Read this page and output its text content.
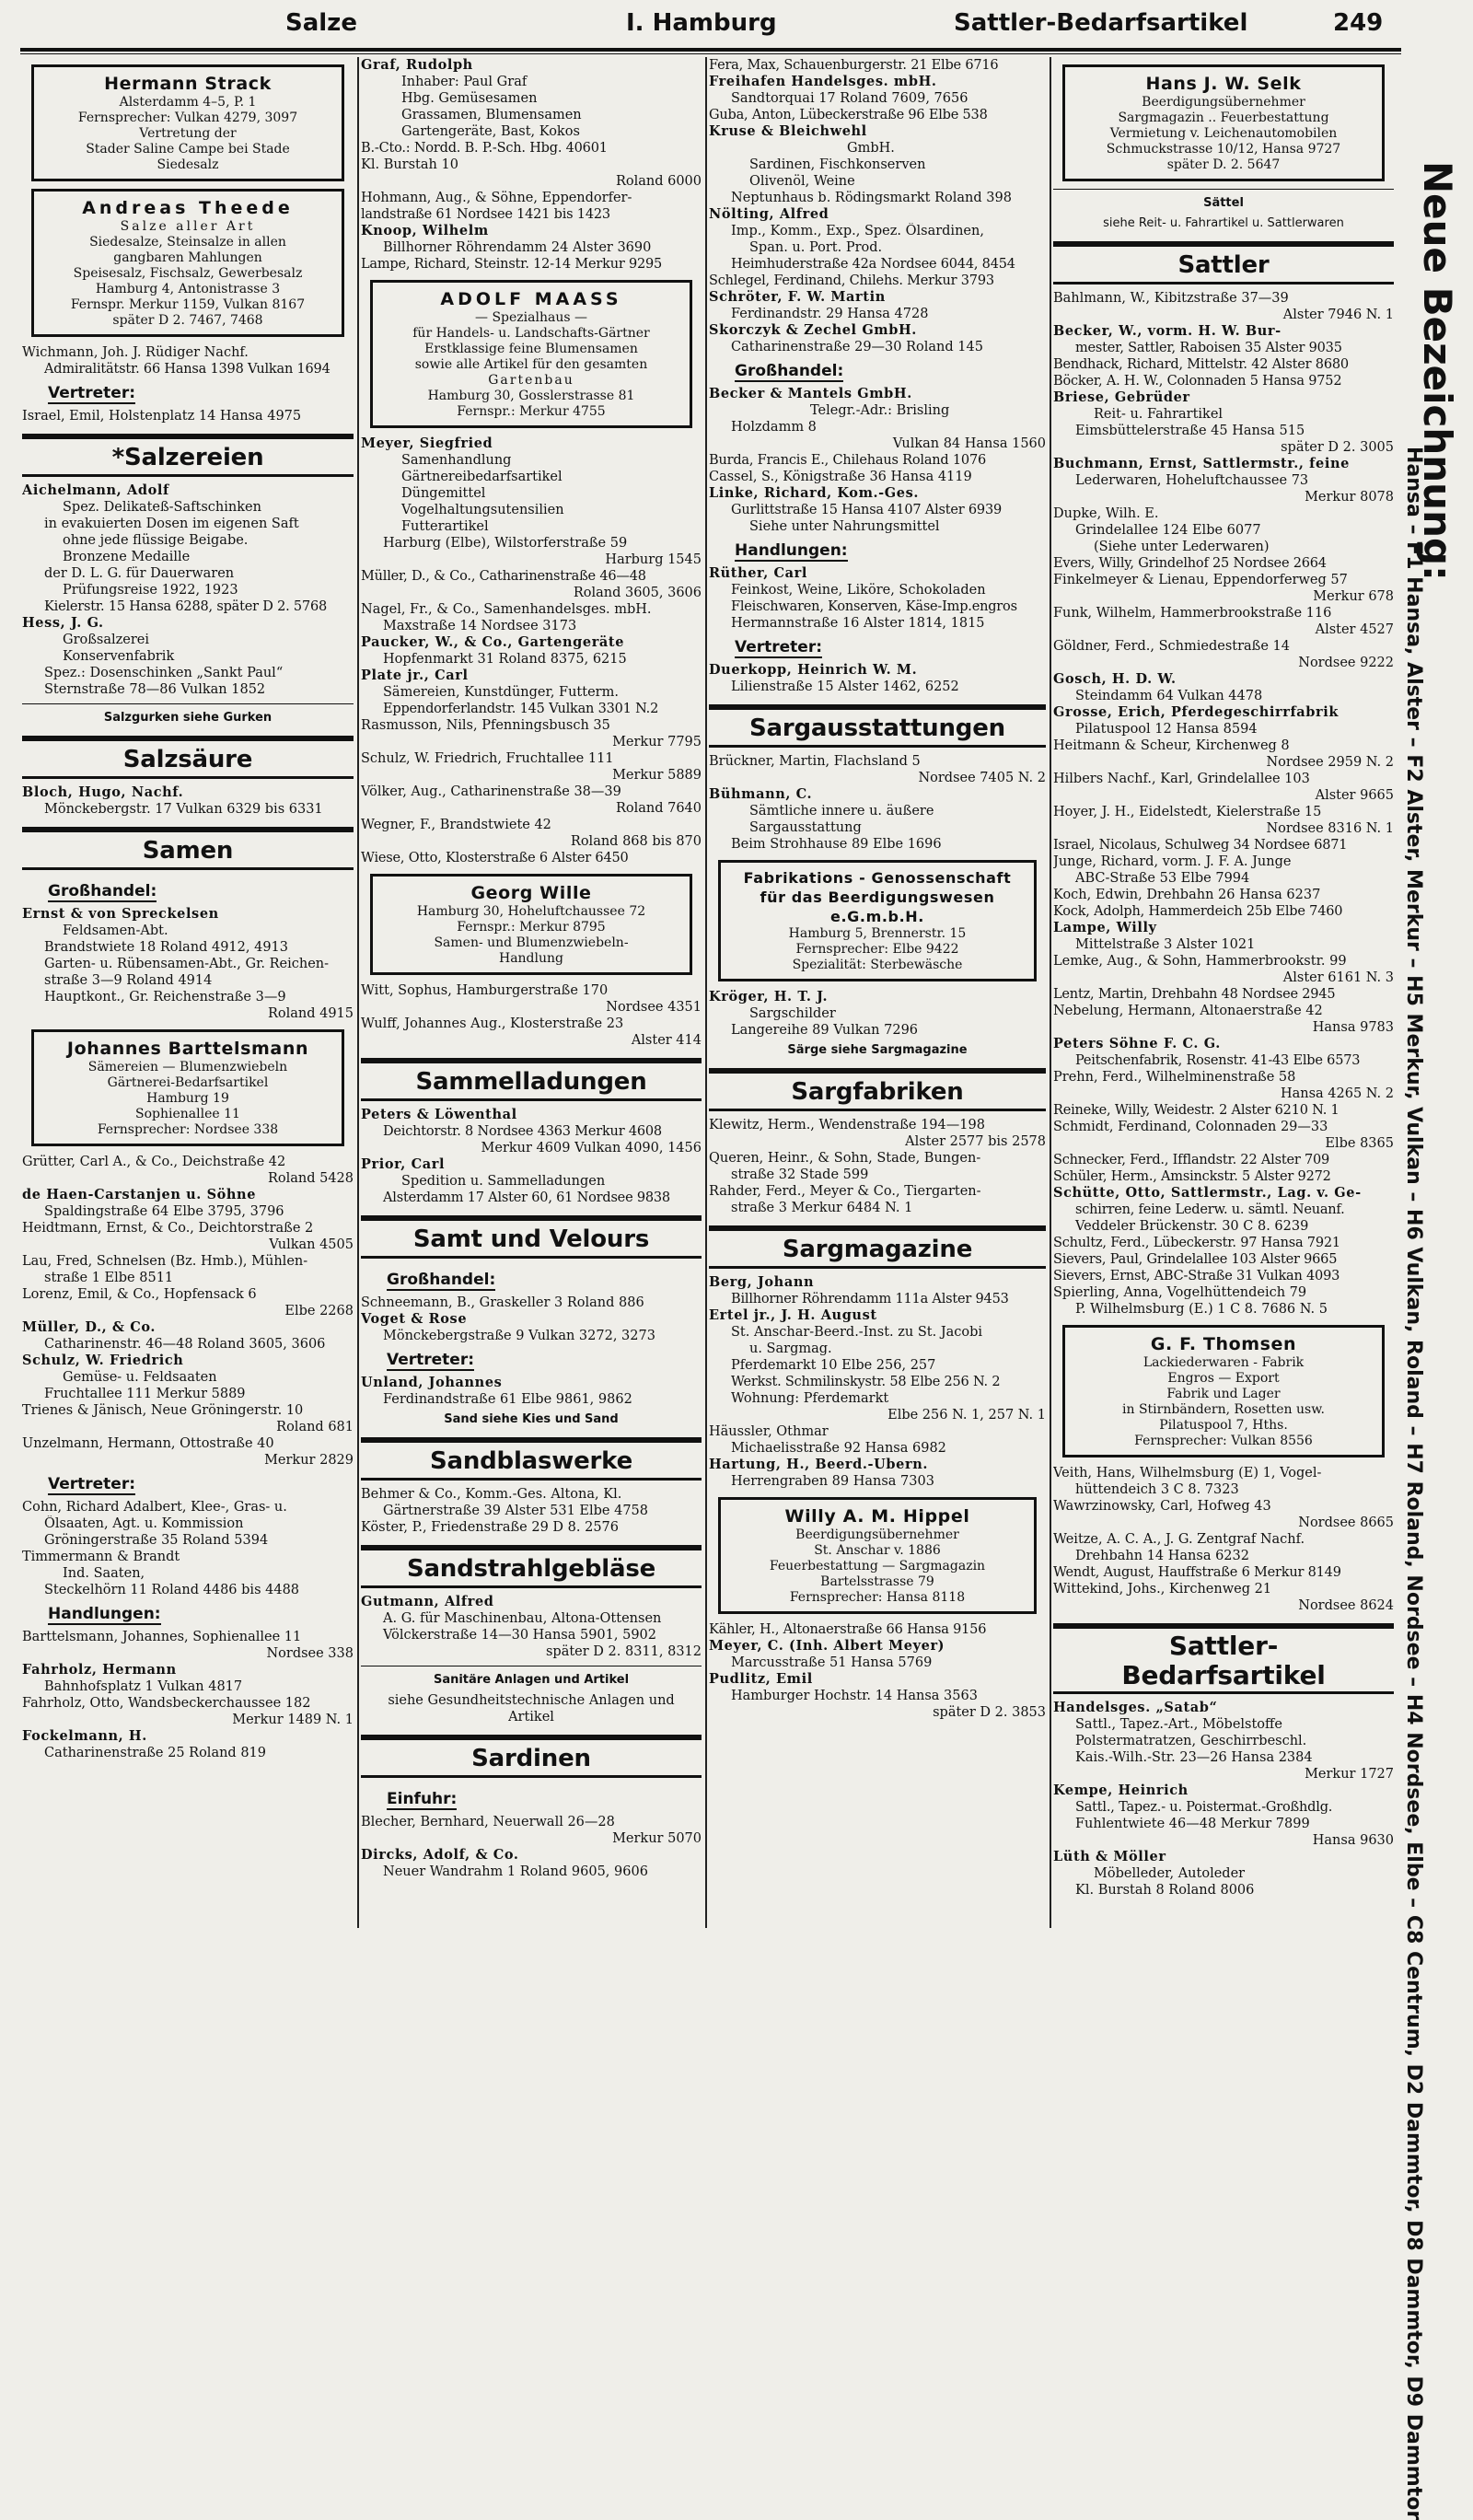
Salze	I. Hamburg	Sattler-Bedarfsartikel	249
Hermann Strack
Alsterdamm 4–5, P. 1
Fernsprecher: Vulkan 4279, 3097
Vertretung der
Stader Saline Campe bei Stade
Siedesalz
Andreas Theede
Salze aller Art
Siedesalze, Steinsalze in allen
gangbaren Mahlungen
Speisesalz, Fischsalz, Gewerbesalz
Hamburg 4, Antonistrasse 3
Fernspr. Merkur 1159, Vulkan 8167
später D 2. 7467, 7468
Wichmann, Joh. J. Rüdiger Nachf.
Admiralitätstr. 66 Hansa 1398 Vulkan 1694
Vertreter:
Israel, Emil, Holstenplatz 14 Hansa 4975
*Salzereien
Aichelmann, Adolf
Spez. Delikateß-Saftschinken
in evakuierten Dosen im eigenen Saft
ohne jede flüssige Beigabe.
Bronzene Medaille
der D. L. G. für Dauerwaren
Prüfungsreise 1922, 1923
Kielerstr. 15 Hansa 6288, später D 2. 5768
Hess, J. G.
Großsalzerei
Konservenfabrik
Spez.: Dosenschinken „Sankt Paul“
Sternstraße 78—86 Vulkan 1852
Salzgurken siehe Gurken
Salzsäure
Bloch, Hugo, Nachf.
Mönckebergstr. 17 Vulkan 6329 bis 6331
Samen
Großhandel:
Ernst & von Spreckelsen
Feldsamen-Abt.
Brandstwiete 18 Roland 4912, 4913
Garten- u. Rübensamen-Abt., Gr. Reichen-
straße 3—9 Roland 4914
Hauptkont., Gr. Reichenstraße 3—9
Roland 4915
Johannes Barttelsmann
Sämereien — Blumenzwiebeln
Gärtnerei-Bedarfsartikel
Hamburg 19
Sophienallee 11
Fernsprecher: Nordsee 338
Grütter, Carl A., & Co., Deichstraße 42
Roland 5428
de Haen-Carstanjen u. Söhne
Spaldingstraße 64 Elbe 3795, 3796
Heidtmann, Ernst, & Co., Deichtorstraße 2
Vulkan 4505
Lau, Fred, Schnelsen (Bz. Hmb.), Mühlen-
straße 1 Elbe 8511
Lorenz, Emil, & Co., Hopfensack 6
Elbe 2268
Müller, D., & Co.
Catharinenstr. 46—48 Roland 3605, 3606
Schulz, W. Friedrich
Gemüse- u. Feldsaaten
Fruchtallee 111 Merkur 5889
Trienes & Jänisch, Neue Gröningerstr. 10
Roland 681
Unzelmann, Hermann, Ottostraße 40
Merkur 2829
Vertreter:
Cohn, Richard Adalbert, Klee-, Gras- u.
Ölsaaten, Agt. u. Kommission
Gröningerstraße 35 Roland 5394
Timmermann & Brandt
Ind. Saaten,
Steckelhörn 11 Roland 4486 bis 4488
Handlungen:
Barttelsmann, Johannes, Sophienallee 11
Nordsee 338
Fahrholz, Hermann
Bahnhofsplatz 1 Vulkan 4817
Fahrholz, Otto, Wandsbeckerchaussee 182
Merkur 1489 N. 1
Fockelmann, H.
Catharinenstraße 25 Roland 819
Graf, Rudolph
Inhaber: Paul Graf
Hbg. Gemüsesamen
Grassamen, Blumensamen
Gartengeräte, Bast, Kokos
B.-Cto.: Nordd. B. P.-Sch. Hbg. 40601
Kl. Burstah 10
Roland 6000
Hohmann, Aug., & Söhne, Eppendorfer-
landstraße 61 Nordsee 1421 bis 1423
Knoop, Wilhelm
Billhorner Röhrendamm 24 Alster 3690
Lampe, Richard, Steinstr. 12-14 Merkur 9295
ADOLF MAASS
— Spezialhaus —
für Handels- u. Landschafts-Gärtner
Erstklassige feine Blumensamen
sowie alle Artikel für den gesamten
Gartenbau
Hamburg 30, Gosslerstrasse 81
Fernspr.: Merkur 4755
Meyer, Siegfried
Samenhandlung
Gärtnereibedarfsartikel
Düngemittel
Vogelhaltungsutensilien
Futterartikel
Harburg (Elbe), Wilstorferstraße 59
Harburg 1545
Müller, D., & Co., Catharinenstraße 46—48
Roland 3605, 3606
Nagel, Fr., & Co., Samenhandelsges. mbH.
Maxstraße 14 Nordsee 3173
Paucker, W., & Co., Gartengeräte
Hopfenmarkt 31 Roland 8375, 6215
Plate jr., Carl
Sämereien, Kunstdünger, Futterm.
Eppendorferlandstr. 145 Vulkan 3301 N.2
Rasmusson, Nils, Pfenningsbusch 35
Merkur 7795
Schulz, W. Friedrich, Fruchtallee 111
Merkur 5889
Völker, Aug., Catharinenstraße 38—39
Roland 7640
Wegner, F., Brandstwiete 42
Roland 868 bis 870
Wiese, Otto, Klosterstraße 6 Alster 6450
Georg Wille
Hamburg 30, Hoheluftchaussee 72
Fernspr.: Merkur 8795
Samen- und Blumenzwiebeln-
Handlung
Witt, Sophus, Hamburgerstraße 170
Nordsee 4351
Wulff, Johannes Aug., Klosterstraße 23
Alster 414
Sammelladungen
Peters & Löwenthal
Deichtorstr. 8 Nordsee 4363 Merkur 4608
Merkur 4609 Vulkan 4090, 1456
Prior, Carl
Spedition u. Sammelladungen
Alsterdamm 17 Alster 60, 61 Nordsee 9838
Samt und Velours
Großhandel:
Schneemann, B., Graskeller 3 Roland 886
Voget & Rose
Mönckebergstraße 9 Vulkan 3272, 3273
Vertreter:
Unland, Johannes
Ferdinandstraße 61 Elbe 9861, 9862
Sand siehe Kies und Sand
Sandblaswerke
Behmer & Co., Komm.-Ges. Altona, Kl.
Gärtnerstraße 39 Alster 531 Elbe 4758
Köster, P., Friedenstraße 29 D 8. 2576
Sandstrahlgebläse
Gutmann, Alfred
A. G. für Maschinenbau, Altona-Ottensen
Völckerstraße 14—30 Hansa 5901, 5902
später D 2. 8311, 8312
Sanitäre Anlagen und Artikel
siehe Gesundheitstechnische Anlagen und
Artikel
Sardinen
Einfuhr:
Blecher, Bernhard, Neuerwall 26—28
Merkur 5070
Dircks, Adolf, & Co.
Neuer Wandrahm 1 Roland 9605, 9606
Fera, Max, Schauenburgerstr. 21 Elbe 6716
Freihafen Handelsges. mbH.
Sandtorquai 17 Roland 7609, 7656
Guba, Anton, Lübeckerstraße 96 Elbe 538
Kruse & Bleichwehl
GmbH.
Sardinen, Fischkonserven
Olivenöl, Weine
Neptunhaus b. Rödingsmarkt Roland 398
Nölting, Alfred
Imp., Komm., Exp., Spez. Ölsardinen,
Span. u. Port. Prod.
Heimhuderstraße 42a Nordsee 6044, 8454
Schlegel, Ferdinand, Chilehs. Merkur 3793
Schröter, F. W. Martin
Ferdinandstr. 29 Hansa 4728
Skorczyk & Zechel GmbH.
Catharinenstraße 29—30 Roland 145
Großhandel:
Becker & Mantels GmbH.
Telegr.-Adr.: Brisling
Holzdamm 8
Vulkan 84 Hansa 1560
Burda, Francis E., Chilehaus Roland 1076
Cassel, S., Königstraße 36 Hansa 4119
Linke, Richard, Kom.-Ges.
Gurlittstraße 15 Hansa 4107 Alster 6939
Siehe unter Nahrungsmittel
Handlungen:
Rüther, Carl
Feinkost, Weine, Liköre, Schokoladen
Fleischwaren, Konserven, Käse-Imp.engros
Hermannstraße 16 Alster 1814, 1815
Vertreter:
Duerkopp, Heinrich W. M.
Lilienstraße 15 Alster 1462, 6252
Sargausstattungen
Brückner, Martin, Flachsland 5
Nordsee 7405 N. 2
Bühmann, C.
Sämtliche innere u. äußere
Sargausstattung
Beim Strohhause 89 Elbe 1696
Fabrikations - Genossenschaft für das Beerdigungswesen e.G.m.b.H.
Hamburg 5, Brennerstr. 15
Fernsprecher: Elbe 9422
Spezialität: Sterbewäsche
Kröger, H. T. J.
Sargschilder
Langereihe 89 Vulkan 7296
Särge siehe Sargmagazine
Sargfabriken
Klewitz, Herm., Wendenstraße 194—198
Alster 2577 bis 2578
Queren, Heinr., & Sohn, Stade, Bungen-
straße 32 Stade 599
Rahder, Ferd., Meyer & Co., Tiergarten-
straße 3 Merkur 6484 N. 1
Sargmagazine
Berg, Johann
Billhorner Röhrendamm 111a Alster 9453
Ertel jr., J. H. August
St. Anschar-Beerd.-Inst. zu St. Jacobi
u. Sargmag.
Pferdemarkt 10 Elbe 256, 257
Werkst. Schmilinskystr. 58 Elbe 256 N. 2
Wohnung: Pferdemarkt
Elbe 256 N. 1, 257 N. 1
Häussler, Othmar
Michaelisstraße 92 Hansa 6982
Hartung, H., Beerd.-Ubern.
Herrengraben 89 Hansa 7303
Willy A. M. Hippel
Beerdigungsübernehmer
St. Anschar v. 1886
Feuerbestattung — Sargmagazin
Bartelsstrasse 79
Fernsprecher: Hansa 8118
Kähler, H., Altonaerstraße 66 Hansa 9156
Meyer, C. (Inh. Albert Meyer)
Marcusstraße 51 Hansa 5769
Pudlitz, Emil
Hamburger Hochstr. 14 Hansa 3563
später D 2. 3853
Hans J. W. Selk
Beerdigungsübernehmer
Sargmagazin .. Feuerbestattung
Vermietung v. Leichenautomobilen
Schmuckstrasse 10/12, Hansa 9727
später D. 2. 5647
Sättel
siehe Reit- u. Fahrartikel u. Sattlerwaren
Sattler
Bahlmann, W., Kibitzstraße 37—39
Alster 7946 N. 1
Becker, W., vorm. H. W. Bur-
mester, Sattler, Raboisen 35 Alster 9035
Bendhack, Richard, Mittelstr. 42 Alster 8680
Böcker, A. H. W., Colonnaden 5 Hansa 9752
Briese, Gebrüder
Reit- u. Fahrartikel
Eimsbüttelerstraße 45 Hansa 515
später D 2. 3005
Buchmann, Ernst, Sattlermstr., feine
Lederwaren, Hoheluftchaussee 73
Merkur 8078
Dupke, Wilh. E.
Grindelallee 124 Elbe 6077
(Siehe unter Lederwaren)
Evers, Willy, Grindelhof 25 Nordsee 2664
Finkelmeyer & Lienau, Eppendorferweg 57
Merkur 678
Funk, Wilhelm, Hammerbrookstraße 116
Alster 4527
Göldner, Ferd., Schmiedestraße 14
Nordsee 9222
Gosch, H. D. W.
Steindamm 64 Vulkan 4478
Grosse, Erich, Pferdegeschirrfabrik
Pilatuspool 12 Hansa 8594
Heitmann & Scheur, Kirchenweg 8
Nordsee 2959 N. 2
Hilbers Nachf., Karl, Grindelallee 103
Alster 9665
Hoyer, J. H., Eidelstedt, Kielerstraße 15
Nordsee 8316 N. 1
Israel, Nicolaus, Schulweg 34 Nordsee 6871
Junge, Richard, vorm. J. F. A. Junge
ABC-Straße 53 Elbe 7994
Koch, Edwin, Drehbahn 26 Hansa 6237
Kock, Adolph, Hammerdeich 25b Elbe 7460
Lampe, Willy
Mittelstraße 3 Alster 1021
Lemke, Aug., & Sohn, Hammerbrookstr. 99
Alster 6161 N. 3
Lentz, Martin, Drehbahn 48 Nordsee 2945
Nebelung, Hermann, Altonaerstraße 42
Hansa 9783
Peters Söhne F. C. G.
Peitschenfabrik, Rosenstr. 41-43 Elbe 6573
Prehn, Ferd., Wilhelminenstraße 58
Hansa 4265 N. 2
Reineke, Willy, Weidestr. 2 Alster 6210 N. 1
Schmidt, Ferdinand, Colonnaden 29—33
Elbe 8365
Schnecker, Ferd., Ifflandstr. 22 Alster 709
Schüler, Herm., Amsinckstr. 5 Alster 9272
Schütte, Otto, Sattlermstr., Lag. v. Ge-
schirren, feine Lederw. u. sämtl. Neuanf.
Veddeler Brückenstr. 30 C 8. 6239
Schultz, Ferd., Lübeckerstr. 97 Hansa 7921
Sievers, Paul, Grindelallee 103 Alster 9665
Sievers, Ernst, ABC-Straße 31 Vulkan 4093
Spierling, Anna, Vogelhüttendeich 79
P. Wilhelmsburg (E.) 1 C 8. 7686 N. 5
G. F. Thomsen
Lackiederwaren - Fabrik
Engros — Export
Fabrik und Lager
in Stirnbändern, Rosetten usw.
Pilatuspool 7, Hths.
Fernsprecher: Vulkan 8556
Veith, Hans, Wilhelmsburg (E) 1, Vogel-
hüttendeich 3 C 8. 7323
Wawrzinowsky, Carl, Hofweg 43
Nordsee 8665
Weitze, A. C. A., J. G. Zentgraf Nachf.
Drehbahn 14 Hansa 6232
Wendt, August, Hauffstraße 6 Merkur 8149
Wittekind, Johs., Kirchenweg 21
Nordsee 8624
Sattler-
Bedarfsartikel
Handelsges. „Satab“
Sattl., Tapez.-Art., Möbelstoffe
Polstermatratzen, Geschirrbeschl.
Kais.-Wilh.-Str. 23—26 Hansa 2384
Merkur 1727
Kempe, Heinrich
Sattl., Tapez.- u. Poistermat.-Großhdlg.
Fuhlentwiete 46—48 Merkur 7899
Hansa 9630
Lüth & Möller
Möbelleder, Autoleder
Kl. Burstah 8 Roland 8006
Neue Bezeichnung:
Hansa – F1 Hansa, Alster – F2 Alster, Merkur – H5 Merkur, Vulkan – H6 Vulkan, Roland – H7 Roland, Nordsee – H4 Nordsee, Elbe – C8 Centrum, D2 Dammtor, D8 Dammtor, D9 Dammtor
